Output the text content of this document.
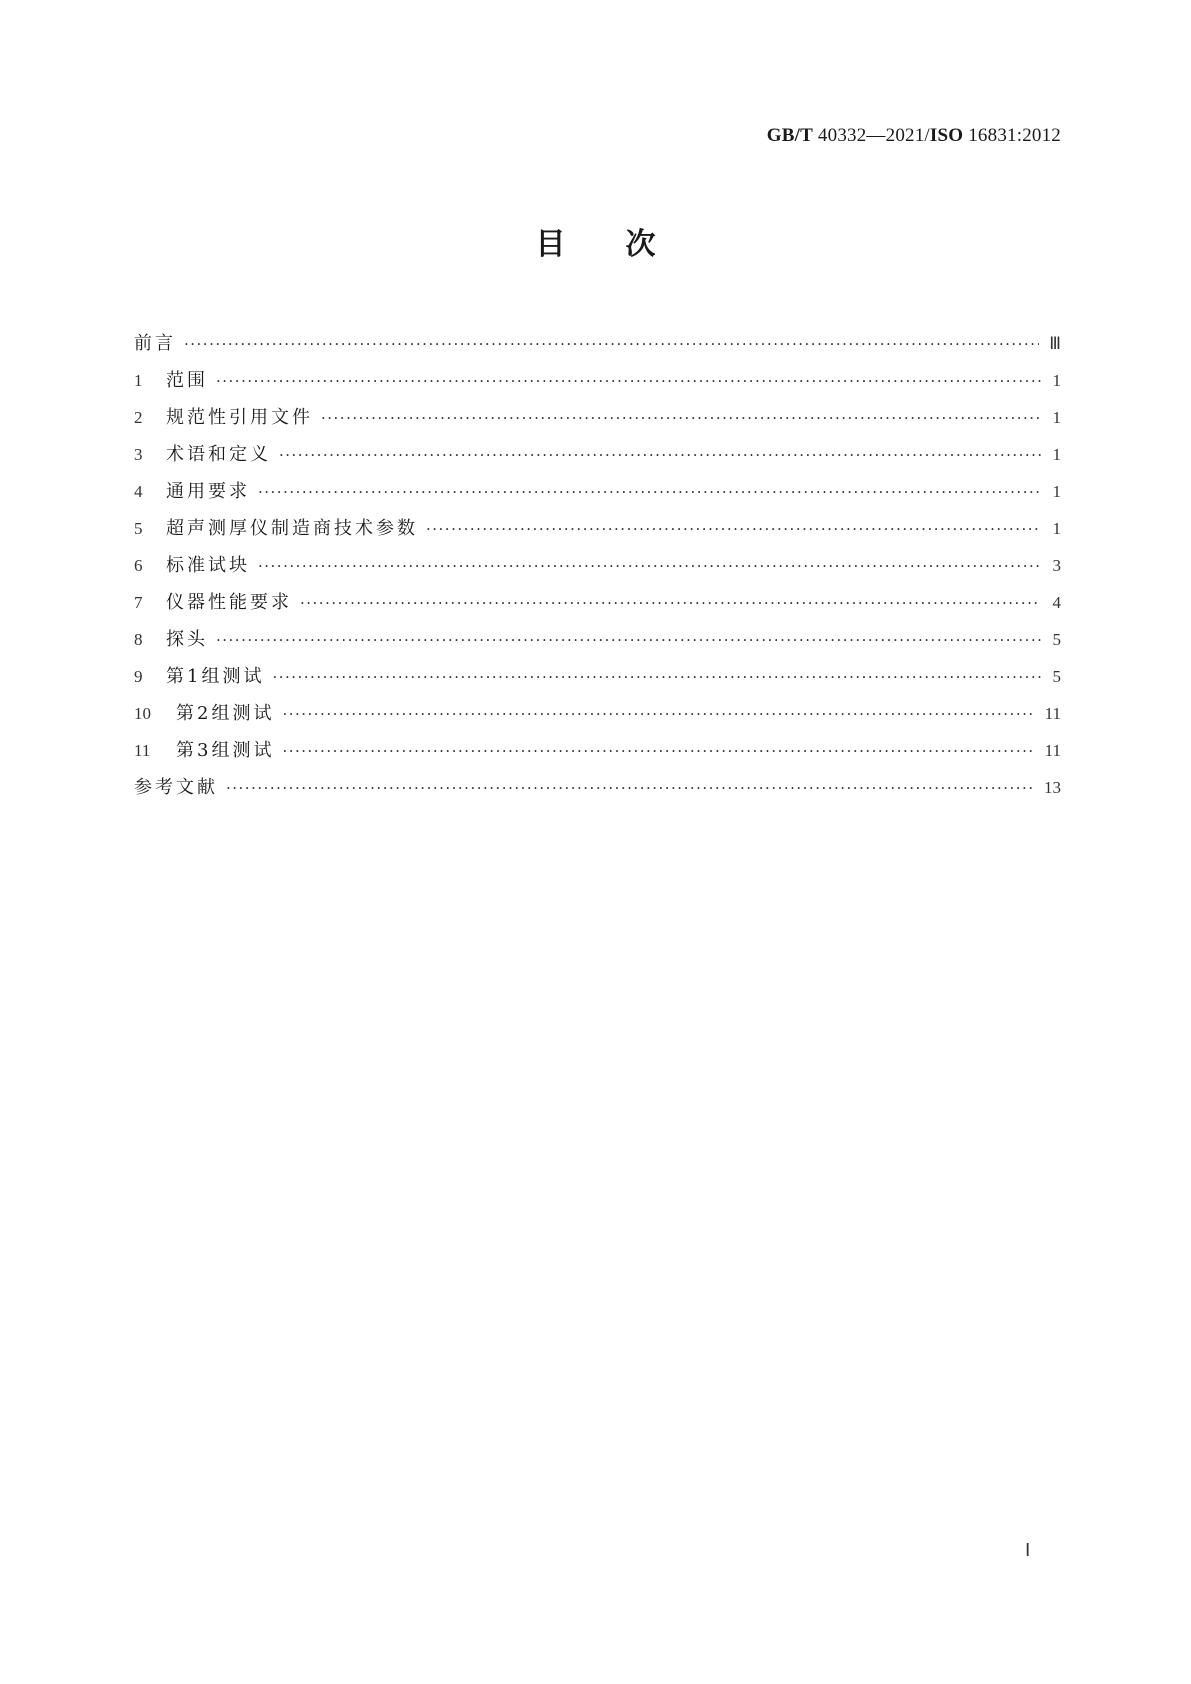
GB/T 40332—2021/ISO 16831:2012
目次
前言 ·····	Ⅲ
1	范围 ·····	1
2	规范性引用文件 ·····	1
3	术语和定义 ·····	1
4	通用要求 ·····	1
5	超声测厚仪制造商技术参数 ·····	1
6	标准试块 ·····	3
7	仪器性能要求 ·····	4
8	探头 ·····	5
9	第1组测试 ·····	5
10	第2组测试 ·····	11
11	第3组测试 ·····	11
参考文献 ·····	13
Ⅰ
